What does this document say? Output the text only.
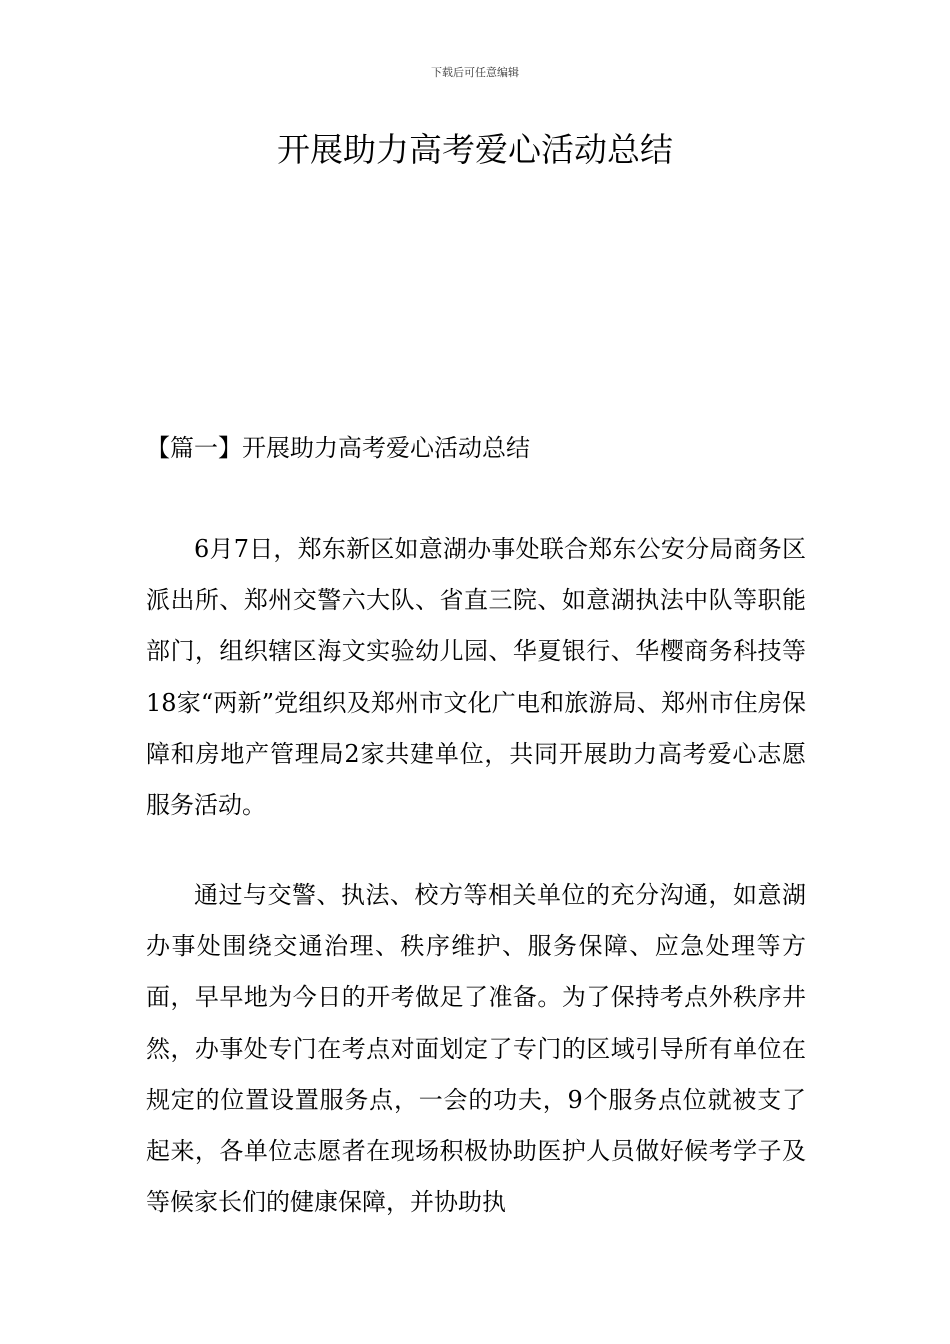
下载后可任意编辑
开展助力高考爱心活动总结

【篇一】开展助力高考爱心活动总结

6月7日，郑东新区如意湖办事处联合郑东公安分局商务区派出所、郑州交警六大队、省直三院、如意湖执法中队等职能部门，组织辖区海文实验幼儿园、华夏银行、华樱商务科技等18家“两新”党组织及郑州市文化广电和旅游局、郑州市住房保障和房地产管理局2家共建单位，共同开展助力高考爱心志愿服务活动。

通过与交警、执法、校方等相关单位的充分沟通，如意湖办事处围绕交通治理、秩序维护、服务保障、应急处理等方面，早早地为今日的开考做足了准备。为了保持考点外秩序井然，办事处专门在考点对面划定了专门的区域引导所有单位在规定的位置设置服务点，一会的功夫，9个服务点位就被支了起来，各单位志愿者在现场积极协助医护人员做好候考学子及等候家长们的健康保障，并协助执
